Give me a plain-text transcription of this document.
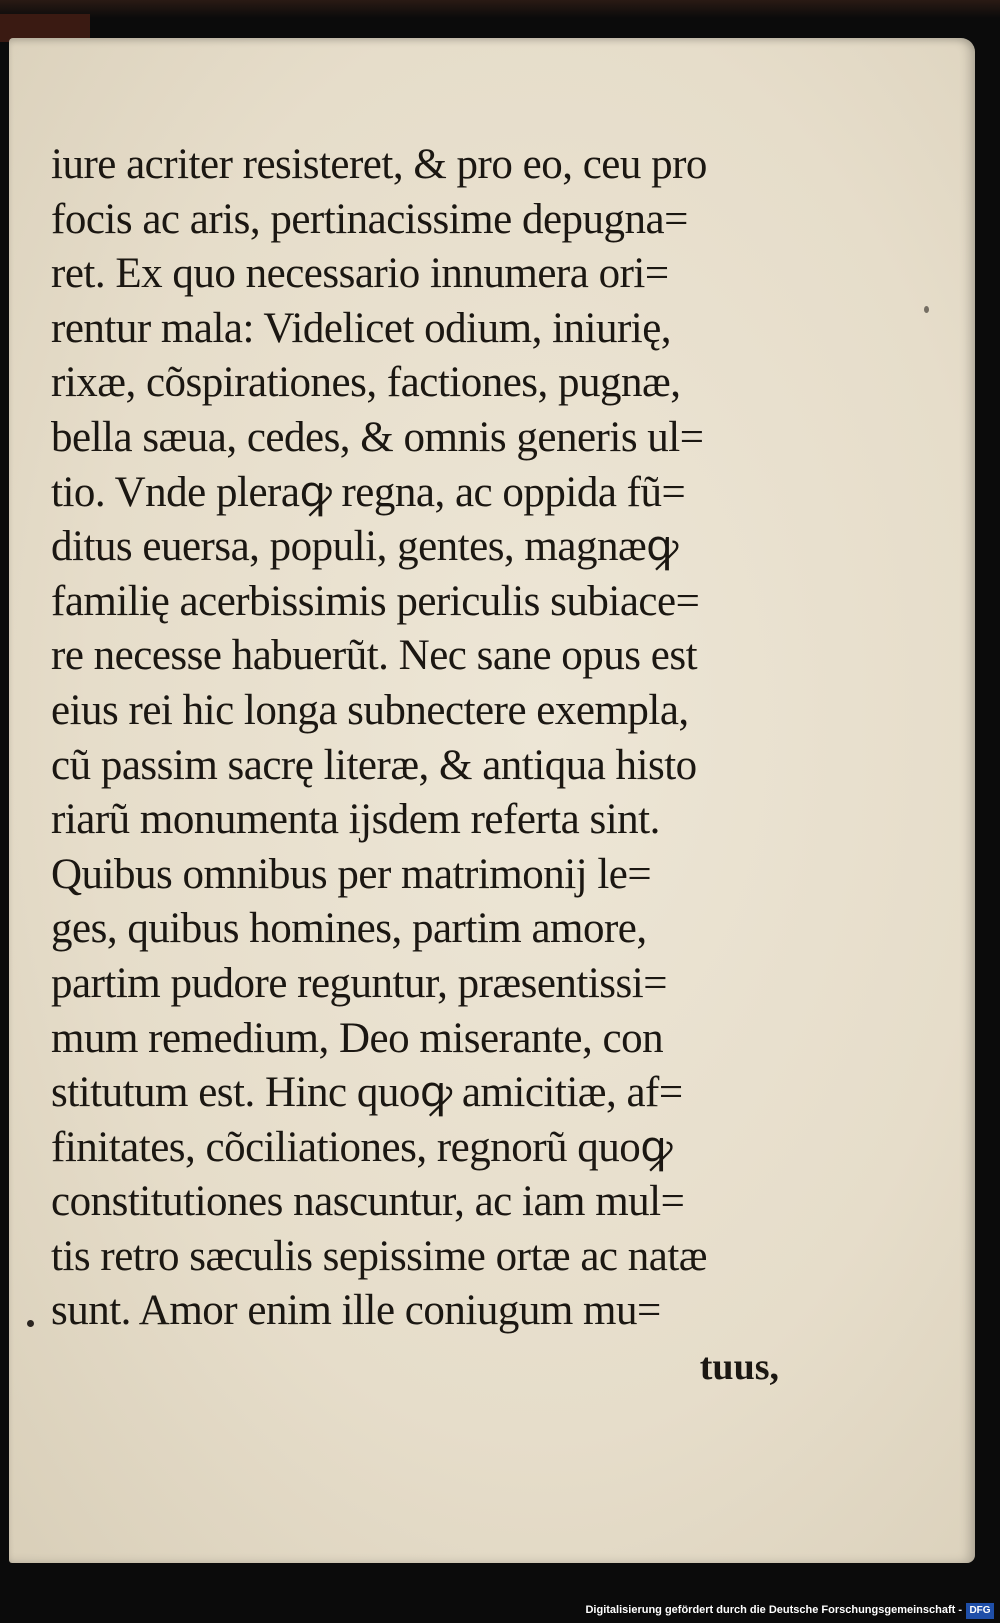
iure acriter resisteret, & pro eo, ceu pro
focis ac aris, pertinacissime depugna=
ret. Ex quo necessario innumera ori=
rentur mala: Videlicet odium, iniurię,
rixæ, cõspirationes, factiones, pugnæ,
bella sæua, cedes, & omnis generis ul=
tio. Vnde pleraꝙ regna, ac oppida fũ=
ditus euersa, populi, gentes, magnæꝙ
familię acerbissimis periculis subiace=
re necesse habuerũt. Nec sane opus est
eius rei hic longa subnectere exempla,
cũ passim sacrę literæ, & antiqua histo
riarũ monumenta ijsdem referta sint.
Quibus omnibus per matrimonij le=
ges, quibus homines, partim amore,
partim pudore reguntur, præsentissi=
mum remedium, Deo miserante, con
stitutum est. Hinc quoꝙ amicitiæ, af=
finitates, cõciliationes, regnorũ quoꝙ
constitutiones nascuntur, ac iam mul=
tis retro sæculis sepissime ortæ ac natæ
sunt. Amor enim ille coniugum mu=
tuus,
Digitalisierung gefördert durch die Deutsche Forschungsgemeinschaft - DFG
